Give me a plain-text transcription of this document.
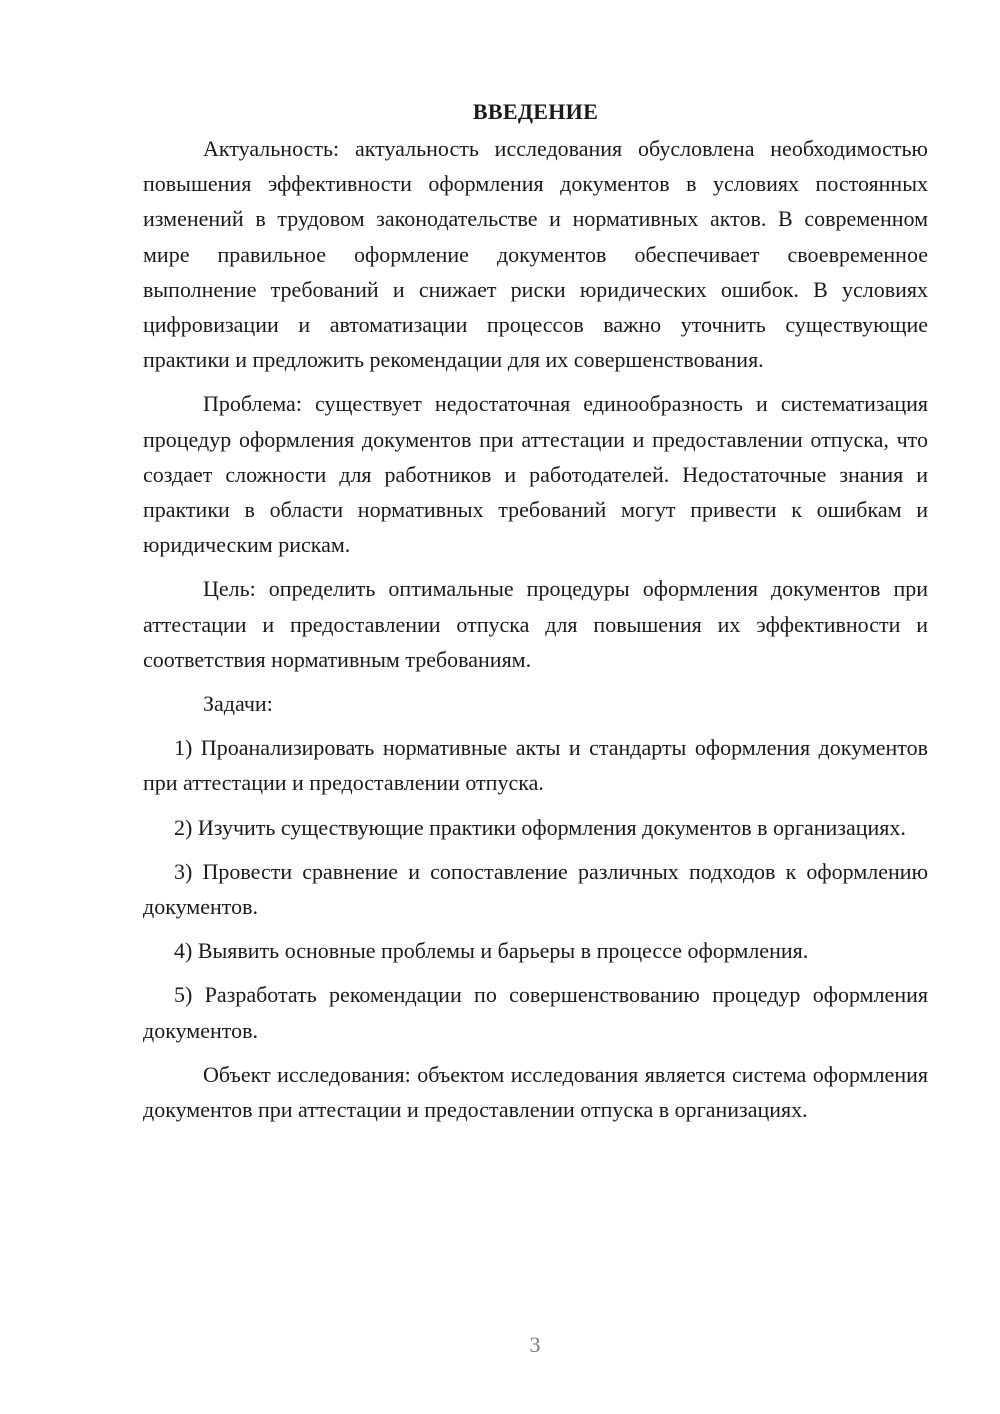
ВВЕДЕНИЕ

Актуальность: актуальность исследования обусловлена необходимостью повышения эффективности оформления документов в условиях постоянных изменений в трудовом законодательстве и нормативных актов. В современном мире правильное оформление документов обеспечивает своевременное выполнение требований и снижает риски юридических ошибок. В условиях цифровизации и автоматизации процессов важно уточнить существующие практики и предложить рекомендации для их совершенствования.

Проблема: существует недостаточная единообразность и систематизация процедур оформления документов при аттестации и предоставлении отпуска, что создает сложности для работников и работодателей. Недостаточные знания и практики в области нормативных требований могут привести к ошибкам и юридическим рискам.

Цель: определить оптимальные процедуры оформления документов при аттестации и предоставлении отпуска для повышения их эффективности и соответствия нормативным требованиям.

Задачи:

1) Проанализировать нормативные акты и стандарты оформления документов при аттестации и предоставлении отпуска.

2) Изучить существующие практики оформления документов в организациях.

3) Провести сравнение и сопоставление различных подходов к оформлению документов.

4) Выявить основные проблемы и барьеры в процессе оформления.

5) Разработать рекомендации по совершенствованию процедур оформления документов.

Объект исследования: объектом исследования является система оформления документов при аттестации и предоставлении отпуска в организациях.

3
